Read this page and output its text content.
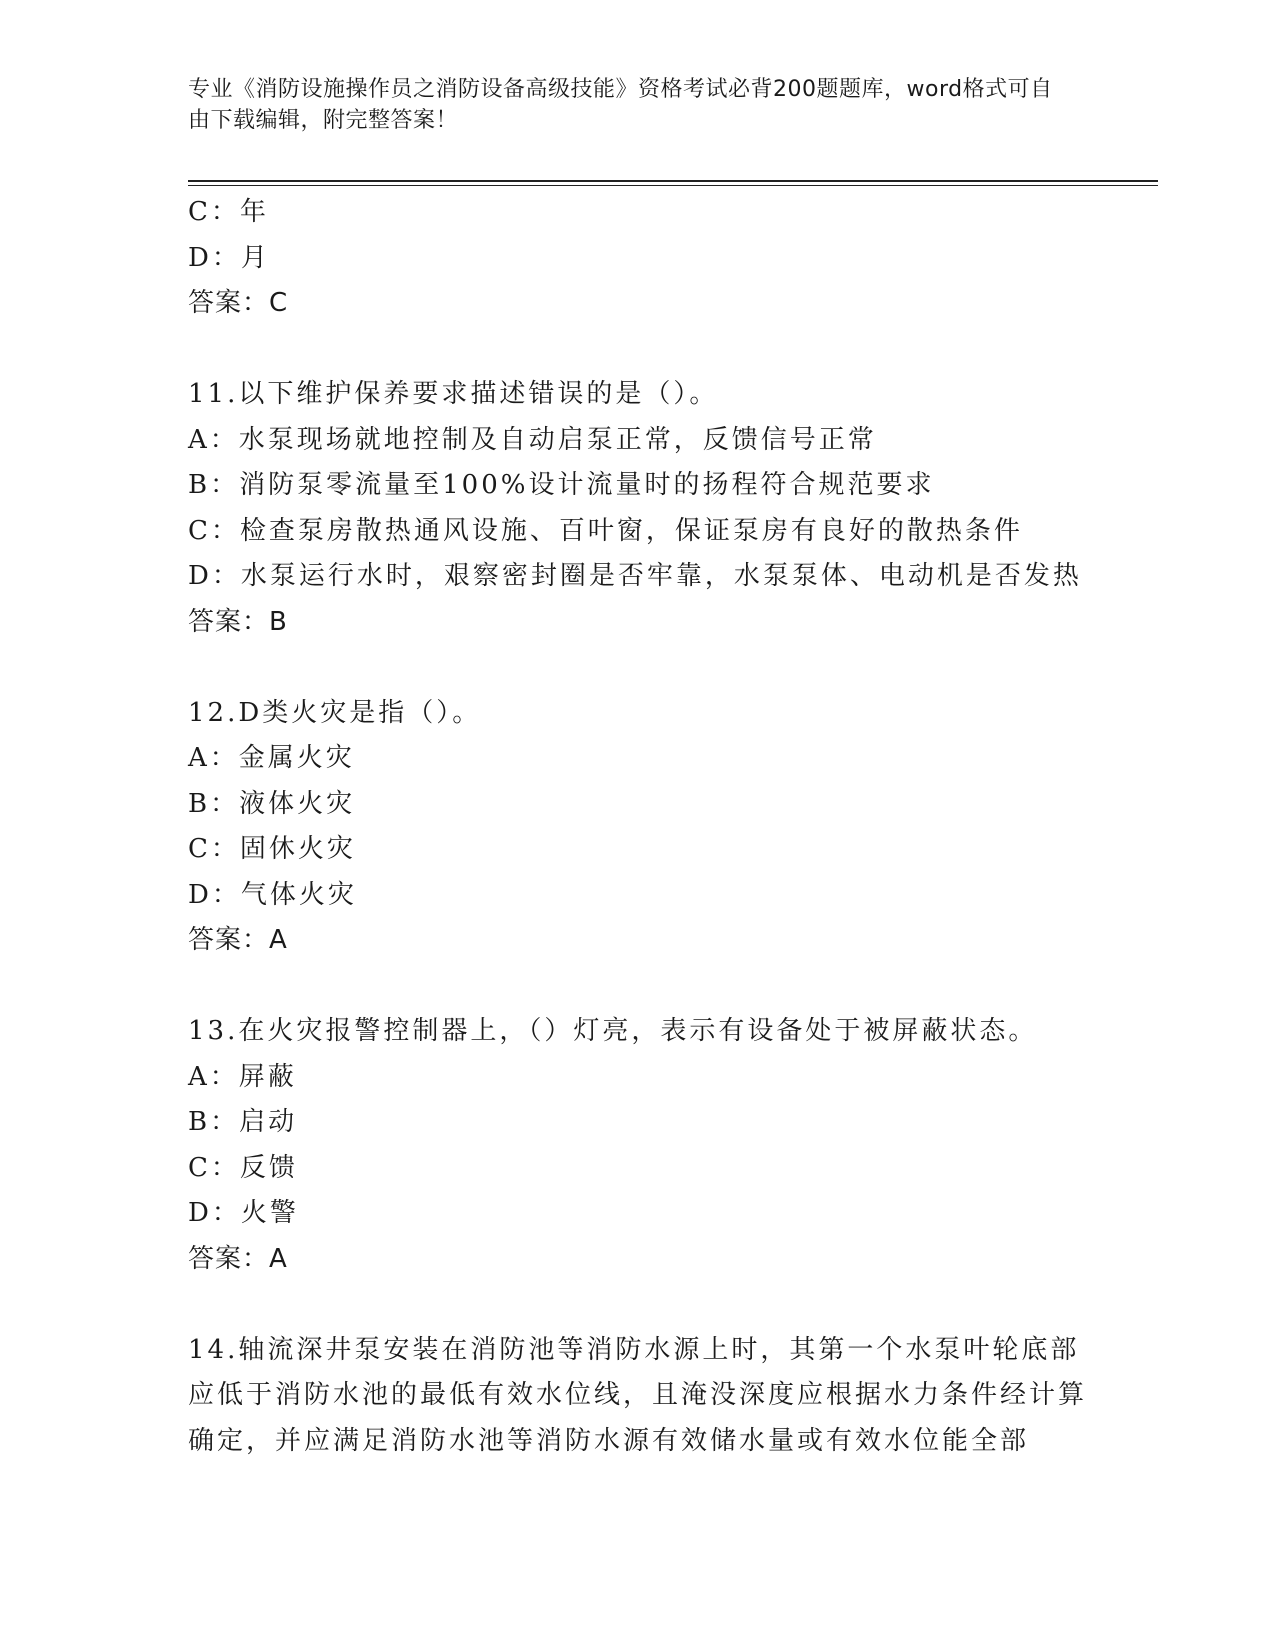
专业《消防设施操作员之消防设备高级技能》资格考试必背200题题库，word格式可自由下载编辑，附完整答案！
C：年
D：月
答案：C
11.以下维护保养要求描述错误的是（）。
A：水泵现场就地控制及自动启泵正常，反馈信号正常
B：消防泵零流量至100%设计流量时的扬程符合规范要求
C：检查泵房散热通风设施、百叶窗，保证泵房有良好的散热条件
D：水泵运行水时，艰察密封圈是否牢靠，水泵泵体、电动机是否发热
答案：B
12.D类火灾是指（）。
A：金属火灾
B：液体火灾
C：固休火灾
D：气体火灾
答案：A
13.在火灾报警控制器上，（）灯亮，表示有设备处于被屏蔽状态。
A：屏蔽
B：启动
C：反馈
D：火警
答案：A
14.轴流深井泵安装在消防池等消防水源上时，其第一个水泵叶轮底部应低于消防水池的最低有效水位线，且淹没深度应根据水力条件经计算确定，并应满足消防水池等消防水源有效储水量或有效水位能全部
